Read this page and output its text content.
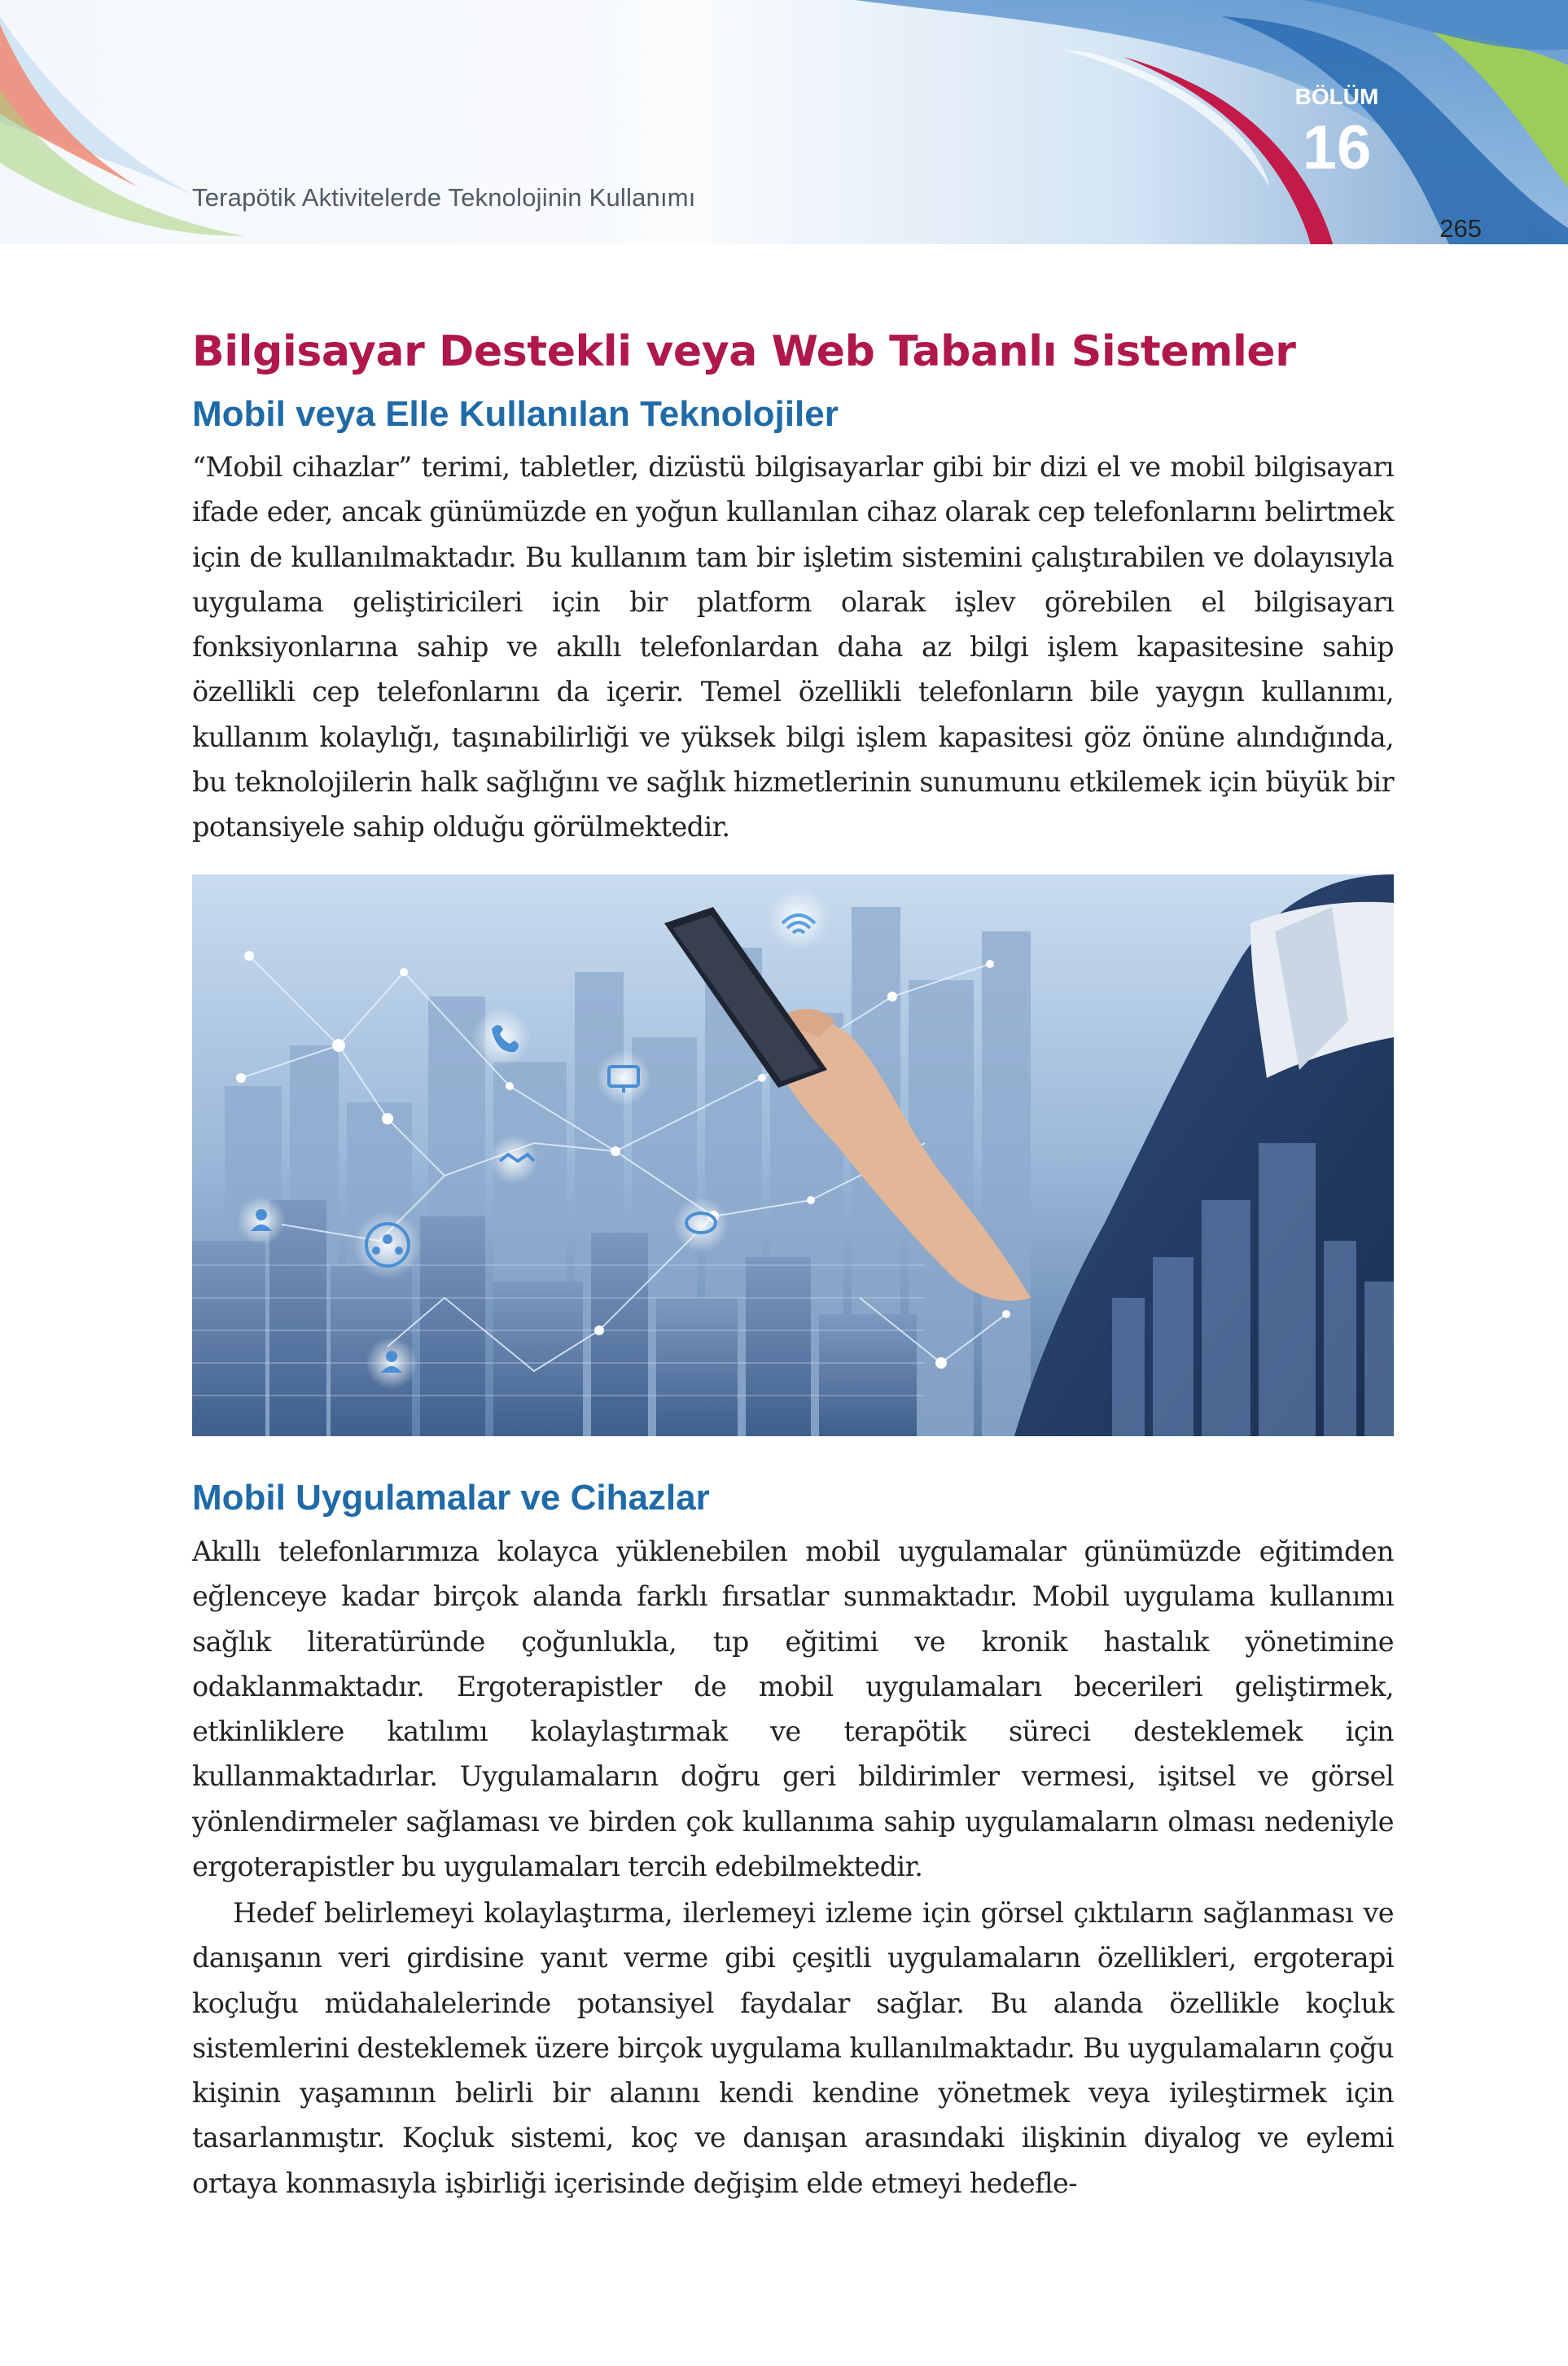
Terapötik Aktivitelerde Teknolojinin Kullanımı
BÖLÜM
16
265
Bilgisayar Destekli veya Web Tabanlı Sistemler
Mobil veya Elle Kullanılan Teknolojiler
“Mobil cihazlar” terimi, tabletler, dizüstü bilgisayarlar gibi bir dizi el ve mobil bilgisayarı ifade eder, ancak günümüzde en yoğun kullanılan cihaz olarak cep telefonlarını belirtmek için de kullanılmaktadır. Bu kullanım tam bir işletim sistemini çalıştırabilen ve dolayısıyla uygulama geliştiricileri için bir platform olarak işlev görebilen el bilgisayarı fonksiyonlarına sahip ve akıllı telefonlardan daha az bilgi işlem kapasitesine sahip özellikli cep telefonlarını da içerir. Temel özellikli telefonların bile yaygın kullanımı, kullanım kolaylığı, taşınabilirliği ve yüksek bilgi işlem kapasitesi göz önüne alındığında, bu teknolojilerin halk sağlığını ve sağlık hizmetlerinin sunumunu etkilemek için büyük bir potansiyele sahip olduğu görülmektedir.
Mobil Uygulamalar ve Cihazlar
Akıllı telefonlarımıza kolayca yüklenebilen mobil uygulamalar günümüzde eğitimden eğlenceye kadar birçok alanda farklı fırsatlar sunmaktadır. Mobil uygulama kullanımı sağlık literatüründe çoğunlukla, tıp eğitimi ve kronik hastalık yönetimine odaklanmaktadır. Ergoterapistler de mobil uygulamaları becerileri geliştirmek, etkinliklere katılımı kolaylaştırmak ve terapötik süreci desteklemek için kullanmaktadırlar. Uygulamaların doğru geri bildirimler vermesi, işitsel ve görsel yönlendirmeler sağlaması ve birden çok kullanıma sahip uygulamaların olması nedeniyle ergoterapistler bu uygulamaları tercih edebilmektedir.
Hedef belirlemeyi kolaylaştırma, ilerlemeyi izleme için görsel çıktıların sağlanması ve danışanın veri girdisine yanıt verme gibi çeşitli uygulamaların özellikleri, ergoterapi koçluğu müdahalelerinde potansiyel faydalar sağlar. Bu alanda özellikle koçluk sistemlerini desteklemek üzere birçok uygulama kullanılmaktadır. Bu uygulamaların çoğu kişinin yaşamının belirli bir alanını kendi kendine yönetmek veya iyileştirmek için tasarlanmıştır. Koçluk sistemi, koç ve danışan arasındaki ilişkinin diyalog ve eylemi ortaya konmasıyla işbirliği içerisinde değişim elde etmeyi hedefle-
